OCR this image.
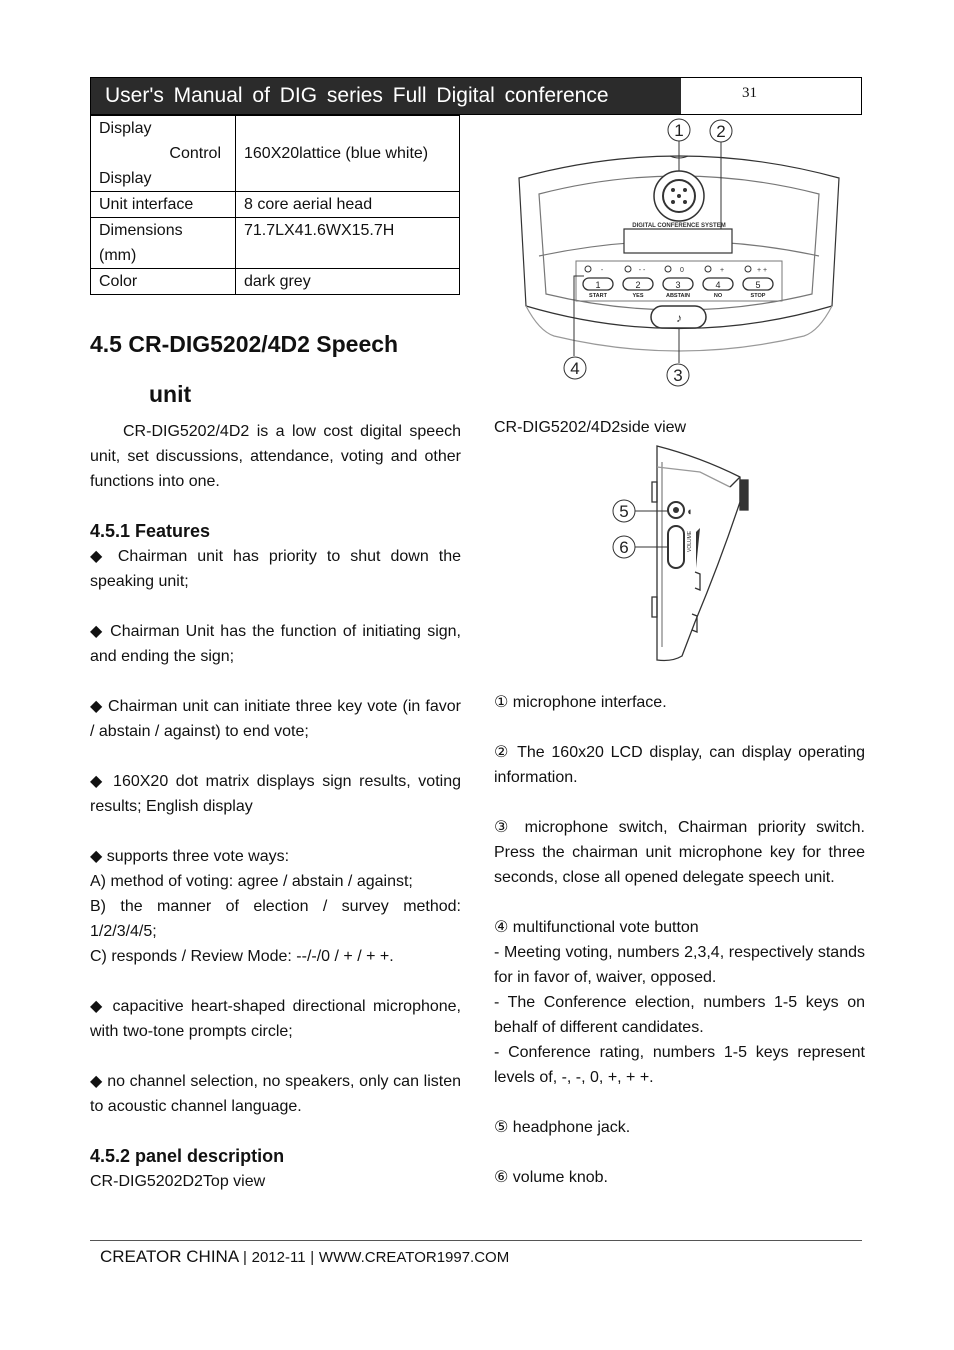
User's Manual of DIG series Full Digital conference	31
Display
Control
Display	160X20lattice (blue white)
Unit interface	8 core aerial head

Dimensions
(mm)	71.7LX41.6WX15.7H
Color	dark grey
4.5 CR-DIG5202/4D2 Speech
unit
CR-DIG5202/4D2 is a low cost digital speech unit, set discussions, attendance, voting and other functions into one.
4.5.1 Features
◆ Chairman unit has priority to shut down the speaking unit;
◆ Chairman Unit has the function of initiating sign, and ending the sign;
◆ Chairman unit can initiate three key vote (in favor / abstain / against) to end vote;
◆ 160X20 dot matrix displays sign results, voting results; English display
◆ supports three vote ways:
A) method of voting: agree / abstain / against;
B) the manner of election / survey method: 1/2/3/4/5;
C) responds / Review Mode: --/-/0 / + / + +.
◆ capacitive heart-shaped directional microphone, with two-tone prompts circle;
◆ no channel selection, no speakers, only can listen to acoustic channel language.
4.5.2 panel description
CR-DIG5202D2Top view
DIGITAL CONFERENCE SYSTEM
-
1
START
- -
2
YES
0
3
ABSTAIN
+
4
NO
+ +
5
STOP
♪
1 2
3
4
CR-DIG5202/4D2side view
◖
VOLUME
5
6
① microphone interface.
② The 160x20 LCD display, can display operating information.
③ microphone switch, Chairman priority switch. Press the chairman unit microphone key for three seconds, close all opened delegate speech unit.
④ multifunctional vote button
- Meeting voting, numbers 2,3,4, respectively stands for in favor of, waiver, opposed.
- The Conference election, numbers 1-5 keys on behalf of different candidates.
- Conference rating, numbers 1-5 keys represent levels of, -, -, 0, +, + +.
⑤ headphone jack.
⑥ volume knob.
CREATOR CHINA | 2012-11 | WWW.CREATOR1997.COM
